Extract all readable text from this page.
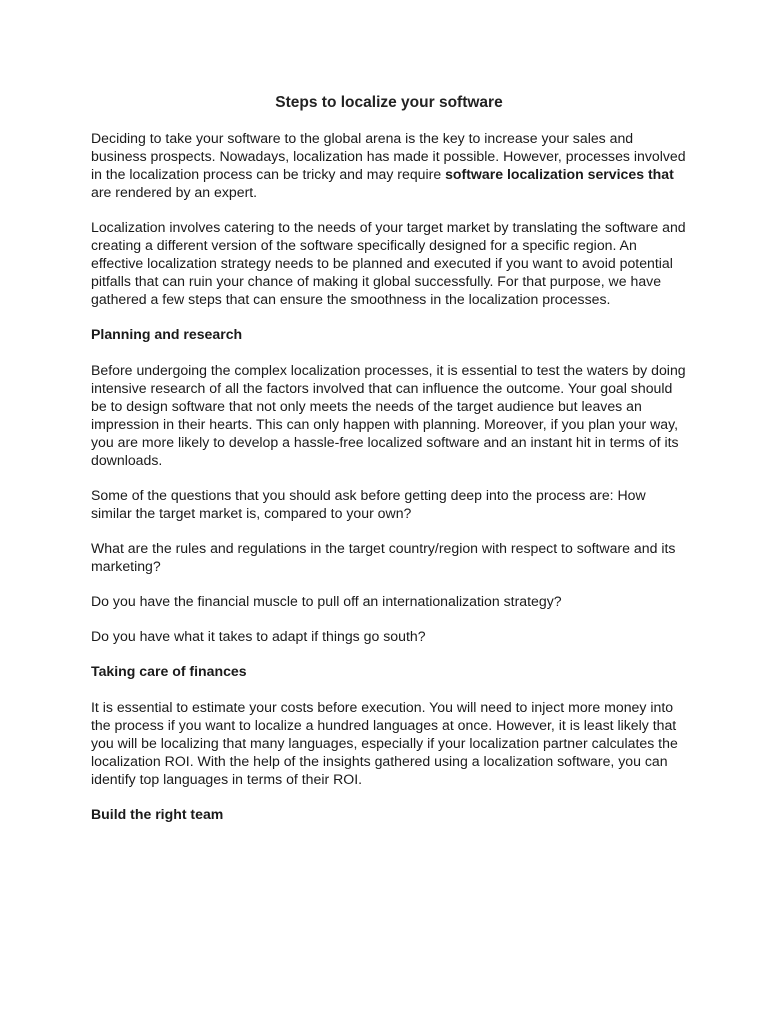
Steps to localize your software

Deciding to take your software to the global arena is the key to increase your sales and business prospects. Nowadays, localization has made it possible. However, processes involved in the localization process can be tricky and may require software localization services that are rendered by an expert.

Localization involves catering to the needs of your target market by translating the software and creating a different version of the software specifically designed for a specific region. An effective localization strategy needs to be planned and executed if you want to avoid potential pitfalls that can ruin your chance of making it global successfully. For that purpose, we have gathered a few steps that can ensure the smoothness in the localization processes.

Planning and research

Before undergoing the complex localization processes, it is essential to test the waters by doing intensive research of all the factors involved that can influence the outcome. Your goal should be to design software that not only meets the needs of the target audience but leaves an impression in their hearts. This can only happen with planning. Moreover, if you plan your way, you are more likely to develop a hassle-free localized software and an instant hit in terms of its downloads.

Some of the questions that you should ask before getting deep into the process are: How similar the target market is, compared to your own?

What are the rules and regulations in the target country/region with respect to software and its marketing?

Do you have the financial muscle to pull off an internationalization strategy?

Do you have what it takes to adapt if things go south?

Taking care of finances

It is essential to estimate your costs before execution. You will need to inject more money into the process if you want to localize a hundred languages at once. However, it is least likely that you will be localizing that many languages, especially if your localization partner calculates the localization ROI. With the help of the insights gathered using a localization software, you can identify top languages in terms of their ROI.

Build the right team
